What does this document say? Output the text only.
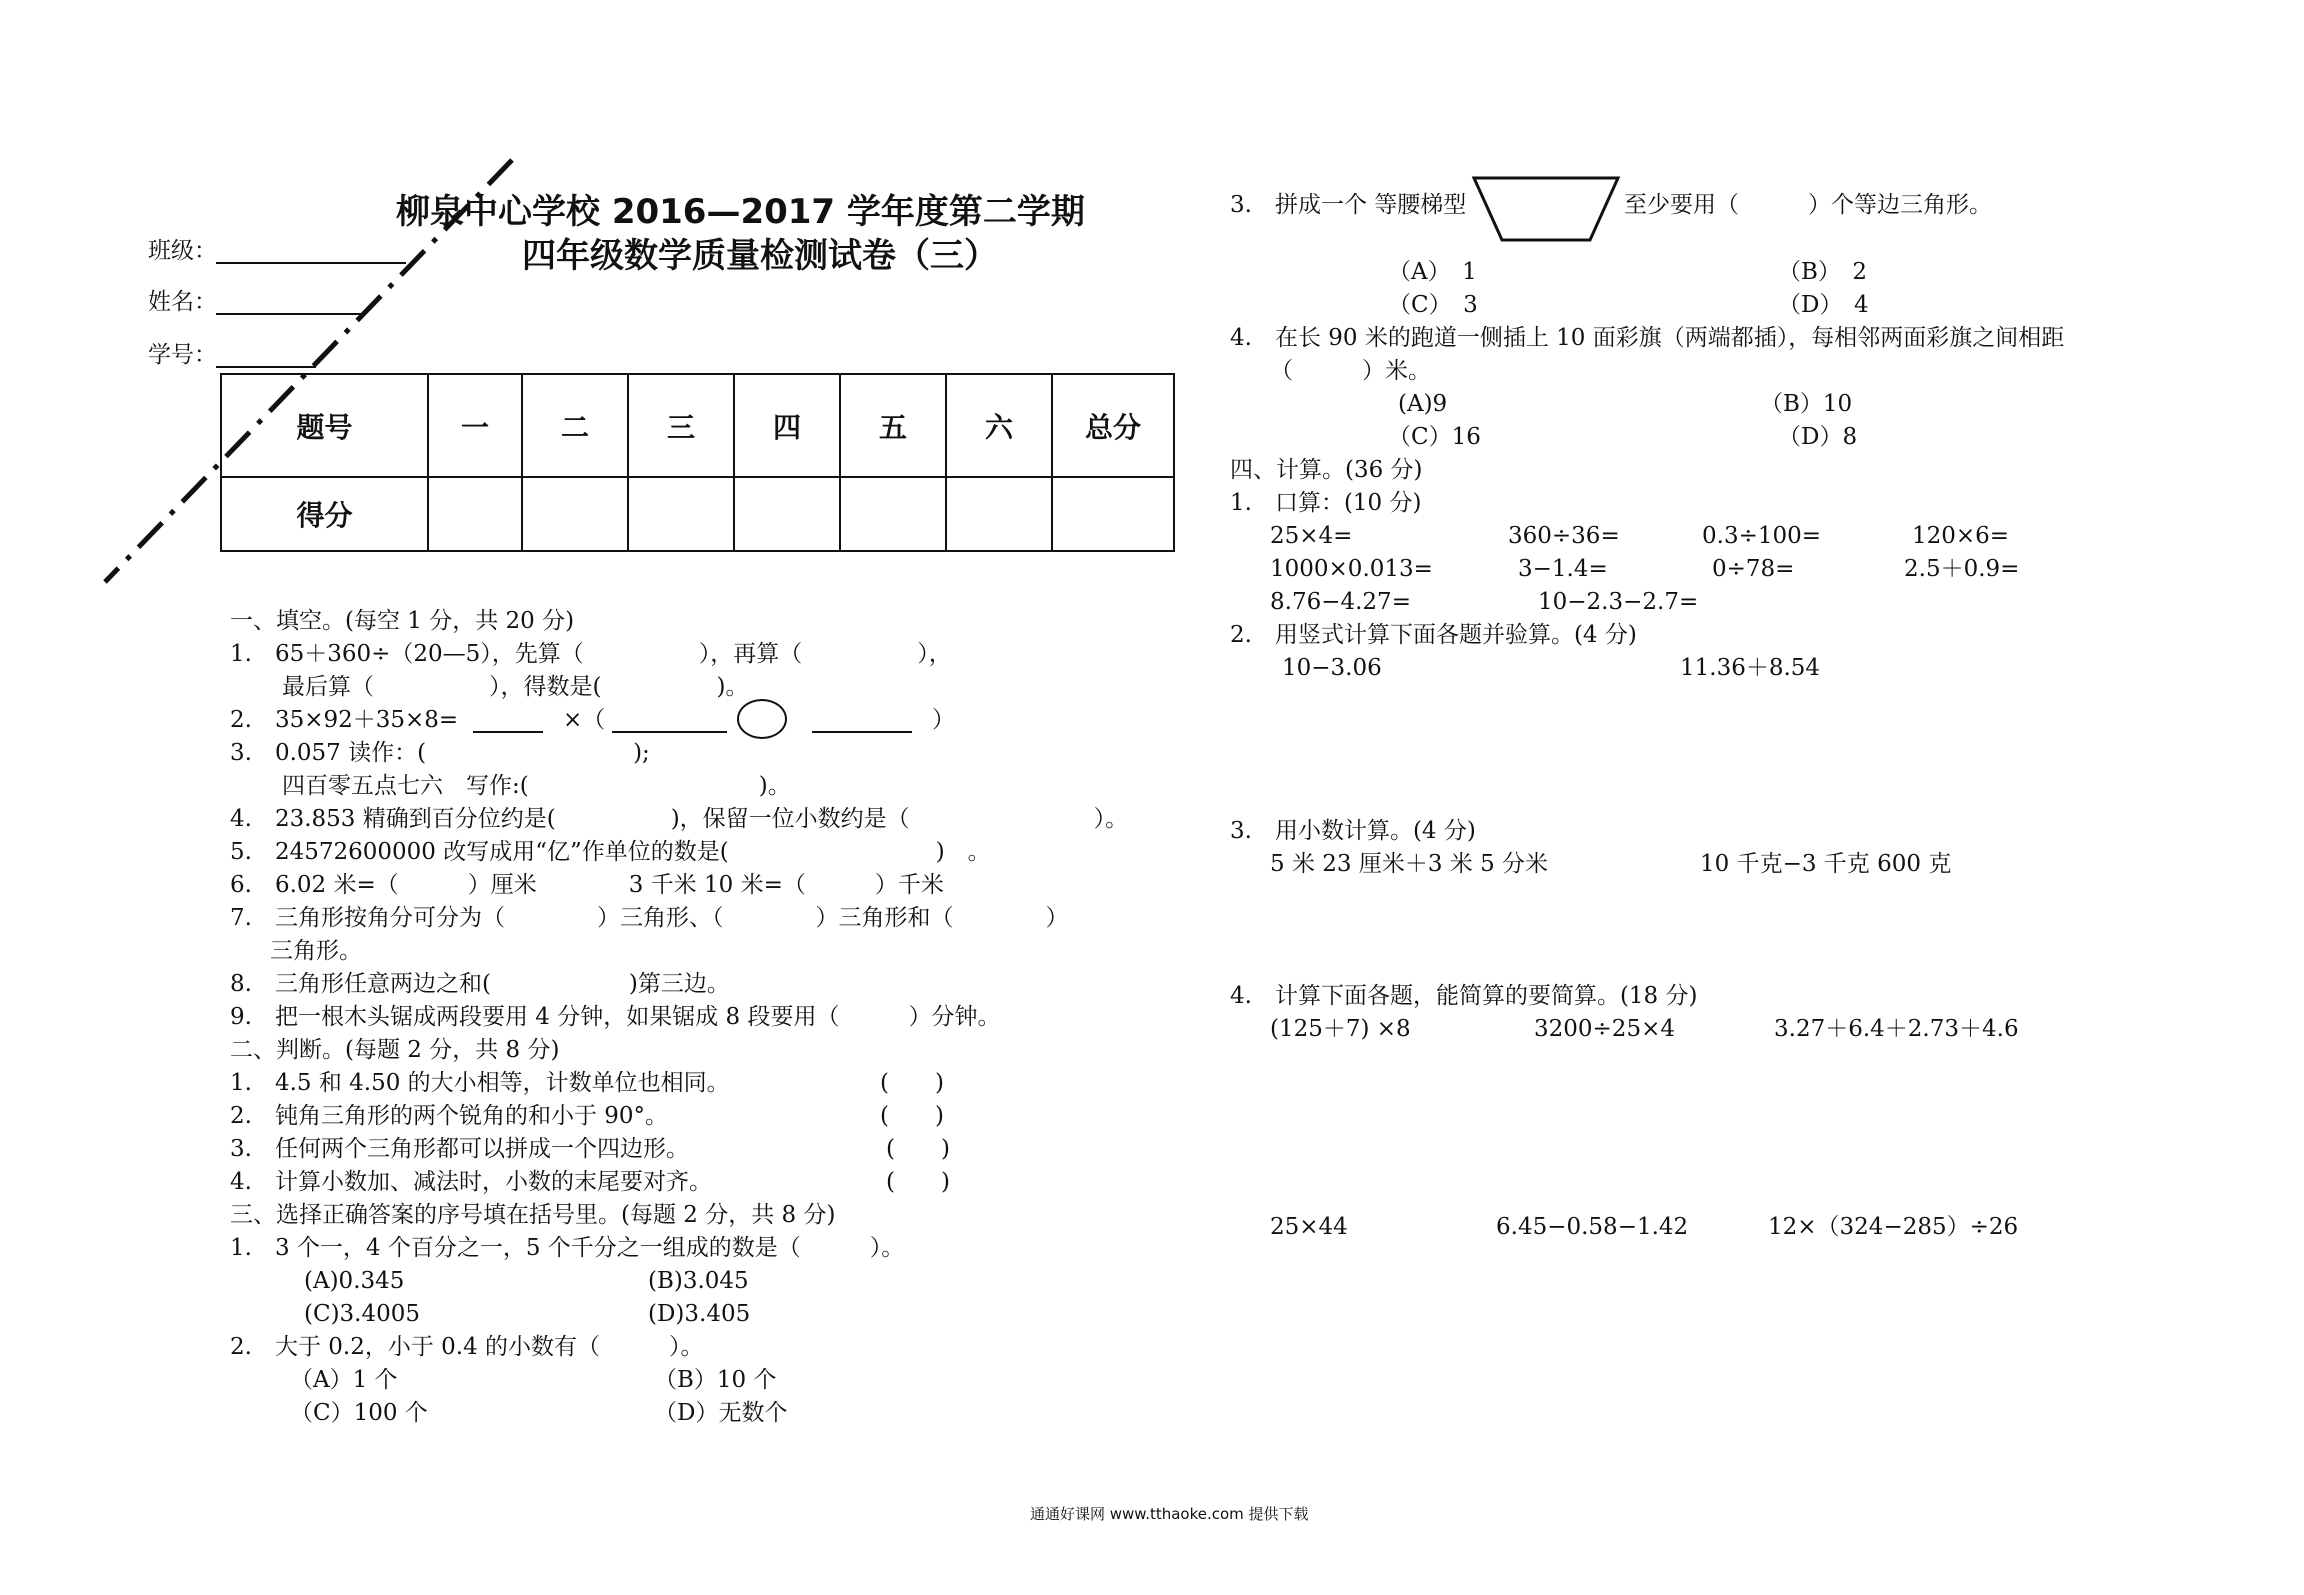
柳泉中心学校 2016—2017 学年度第二学期
四年级数学质量检测试卷（三）
班级：
姓名：
学号：
题号	一	二	三	四	五	六	总分
得分							
一、填空。(每空 1 分，共 20 分)
1.　65＋360÷（20—5），先算（　　　　　），再算（　　　　　），
最后算（　　　　　），得数是(　　　　　)。
2.　35×92＋35×8=	×（	）
3.　0.057 读作：(　　　　　　　　　);
四百零五点七六　写作:(　　　　　　　　　　)。
4.　23.853 精确到百分位约是(　　　　　)，保留一位小数约是（　　　　　　　　）。
5.　24572600000 改写成用“亿”作单位的数是(　　　　　　　　　)　。
6.　6.02 米=（　　　）厘米　　　　3 千米 10 米=（　　　）千米
7.　三角形按角分可分为（　　　　）三角形、（　　　　）三角形和（　　　　）
三角形。
8.　三角形任意两边之和(　　　　　　)第三边。
9.　把一根木头锯成两段要用 4 分钟，如果锯成 8 段要用（　　　）分钟。
二、判断。(每题 2 分，共 8 分)
1.　4.5 和 4.50 的大小相等，计数单位也相同。	(　　)
2.　钝角三角形的两个锐角的和小于 90°。	(　　)
3.　任何两个三角形都可以拼成一个四边形。	(　　)
4.　计算小数加、减法时，小数的末尾要对齐。	(　　)
三、选择正确答案的序号填在括号里。(每题 2 分，共 8 分)
1.　3 个一，4 个百分之一，5 个千分之一组成的数是（　　　）。
(A)0.345	(B)3.045
(C)3.4005	(D)3.405
2.　大于 0.2，小于 0.4 的小数有（　　　）。
（A）1 个	（B）10 个
（C）100 个	（D）无数个
3.　拼成一个 等腰梯型	至少要用（　　　）个等边三角形。
（A）　1	（B）　2
（C）　3	（D）　4
4.　在长 90 米的跑道一侧插上 10 面彩旗（两端都插），每相邻两面彩旗之间相距
（　　　）米。
(A)9	（B）10
（C）16	（D）8
四、计算。(36 分)
1.　口算：(10 分)
25×4=	360÷36=	0.3÷100=	120×6=
1000×0.013=	3−1.4=	0÷78=	2.5＋0.9=
8.76−4.27=	10−2.3−2.7=
2.　用竖式计算下面各题并验算。(4 分)
10−3.06	11.36＋8.54
3.　用小数计算。(4 分)
5 米 23 厘米＋3 米 5 分米	10 千克−3 千克 600 克
4.　计算下面各题，能简算的要简算。(18 分)
(125＋7) ×8	3200÷25×4	3.27＋6.4＋2.73＋4.6
25×44	6.45−0.58−1.42	12×（324−285）÷26
通通好课网 www.tthaoke.com 提供下载
